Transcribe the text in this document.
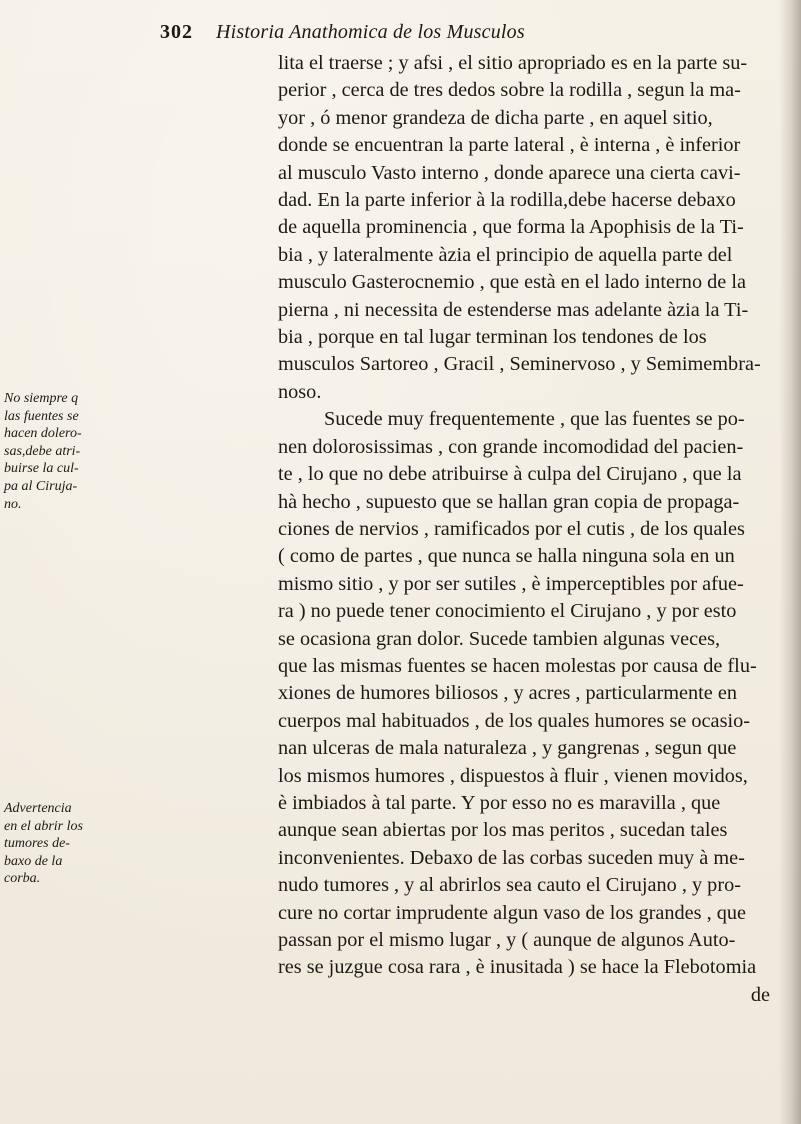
302 Historia Anathomica de los Musculos
lita el traerse ; y afsi , el sitio apropriado es en la parte su-
perior , cerca de tres dedos sobre la rodilla , segun la ma-
yor , ó menor grandeza de dicha parte , en aquel sitio,
donde se encuentran la parte lateral , è interna , è inferior
al musculo Vasto interno , donde aparece una cierta cavi-
dad. En la parte inferior à la rodilla,debe hacerse debaxo
de aquella prominencia , que forma la Apophisis de la Ti-
bia , y lateralmente àzia el principio de aquella parte del
musculo Gasterocnemio , que està en el lado interno de la
pierna , ni necessita de estenderse mas adelante àzia la Ti-
bia , porque en tal lugar terminan los tendones de los
musculos Sartoreo , Gracil , Seminervoso , y Semimembra-
noso.
Sucede muy frequentemente , que las fuentes se po-
nen dolorosissimas , con grande incomodidad del pacien-
te , lo que no debe atribuirse à culpa del Cirujano , que la
hà hecho , supuesto que se hallan gran copia de propaga-
ciones de nervios , ramificados por el cutis , de los quales
( como de partes , que nunca se halla ninguna sola en un
mismo sitio , y por ser sutiles , è imperceptibles por afue-
ra ) no puede tener conocimiento el Cirujano , y por esto
se ocasiona gran dolor. Sucede tambien algunas veces,
que las mismas fuentes se hacen molestas por causa de flu-
xiones de humores biliosos , y acres , particularmente en
cuerpos mal habituados , de los quales humores se ocasio-
nan ulceras de mala naturaleza , y gangrenas , segun que
los mismos humores , dispuestos à fluir , vienen movidos,
è imbiados à tal parte. Y por esso no es maravilla , que
aunque sean abiertas por los mas peritos , sucedan tales
inconvenientes. Debaxo de las corbas suceden muy à me-
nudo tumores , y al abrirlos sea cauto el Cirujano , y pro-
cure no cortar imprudente algun vaso de los grandes , que
passan por el mismo lugar , y ( aunque de algunos Auto-
res se juzgue cosa rara , è inusitada ) se hace la Flebotomia
de
No siempre q
las fuentes se
hacen dolero-
sas,debe atri-
buirse la cul-
pa al Ciruja-
no.
Advertencia
en el abrir los
tumores de-
baxo de la
corba.
